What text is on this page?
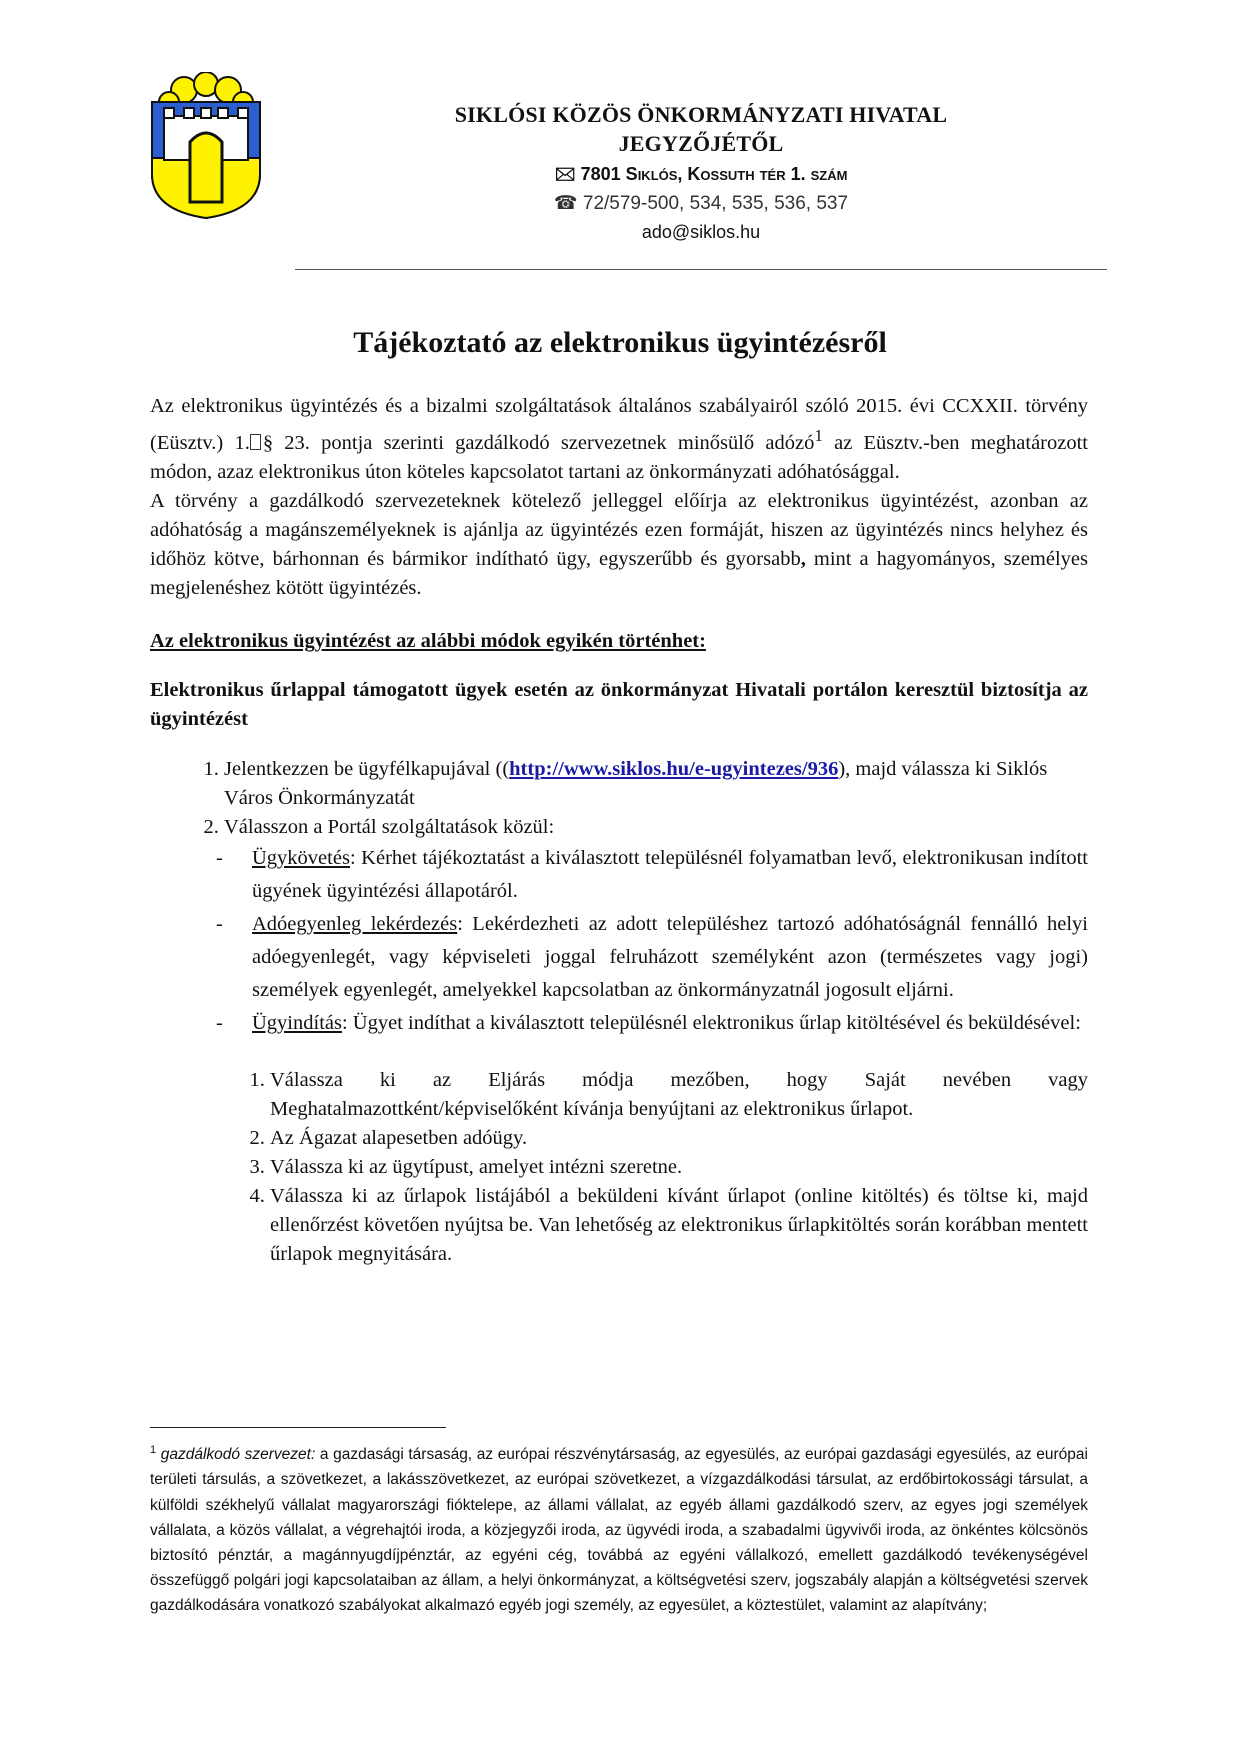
SIKLÓSI KÖZÖS ÖNKORMÁNYZATI HIVATAL
JEGYZŐJÉTŐL
🖂 7801 Siklós, Kossuth tér 1. szám
☎ 72/579-500, 534, 535, 536, 537
ado@siklos.hu
Tájékoztató az elektronikus ügyintézésről

Az elektronikus ügyintézés és a bizalmi szolgáltatások általános szabályairól szóló 2015. évi CCXXII. törvény (Eüsztv.) 1. § 23. pontja szerinti gazdálkodó szervezetnek minősülő adózó$^1$ az Eüsztv.-ben meghatározott módon, azaz elektronikus úton köteles kapcsolatot tartani az önkormányzati adóhatósággal.

A törvény a gazdálkodó szervezeteknek kötelező jelleggel előírja az elektronikus ügyintézést, azonban az adóhatóság a magánszemélyeknek is ajánlja az ügyintézés ezen formáját, hiszen az ügyintézés nincs helyhez és időhöz kötve, bárhonnan és bármikor indítható ügy, egyszerűbb és gyorsabb, mint a hagyományos, személyes megjelenéshez kötött ügyintézés.

Az elektronikus ügyintézést az alábbi módok egyikén történhet:

Elektronikus űrlappal támogatott ügyek esetén az önkormányzat Hivatali portálon keresztül biztosítja az ügyintézést

1. Jelentkezzen be ügyfélkapujával ((http://www.siklos.hu/e-ugyintezes/936), majd válassza ki Siklós Város Önkormányzatát
2. Válasszon a Portál szolgáltatások közül:
- Ügykövetés: Kérhet tájékoztatást a kiválasztott településnél folyamatban levő, elektronikusan indított ügyének ügyintézési állapotáról.
- Adóegyenleg lekérdezés: Lekérdezheti az adott településhez tartozó adóhatóságnál fennálló helyi adóegyenlegét, vagy képviseleti joggal felruházott személyként azon (természetes vagy jogi) személyek egyenlegét, amelyekkel kapcsolatban az önkormányzatnál jogosult eljárni.
- Ügyindítás: Ügyet indíthat a kiválasztott településnél elektronikus űrlap kitöltésével és beküldésével:
1. Válassza ki az Eljárás módja mezőben, hogy Saját nevében vagy Meghatalmazottként/képviselőként kívánja benyújtani az elektronikus űrlapot.
2. Az Ágazat alapesetben adóügy.
3. Válassza ki az ügytípust, amelyet intézni szeretne.
4. Válassza ki az űrlapok listájából a beküldeni kívánt űrlapot (online kitöltés) és töltse ki, majd ellenőrzést követően nyújtsa be. Van lehetőség az elektronikus űrlapkitöltés során korábban mentett űrlapok megnyitására.
$^1$ gazdálkodó szervezet: a gazdasági társaság, az európai részvénytársaság, az egyesülés, az európai gazdasági egyesülés, az európai területi társulás, a szövetkezet, a lakásszövetkezet, az európai szövetkezet, a vízgazdálkodási társulat, az erdőbirtokossági társulat, a külföldi székhelyű vállalat magyarországi fióktelepe, az állami vállalat, az egyéb állami gazdálkodó szerv, az egyes jogi személyek vállalata, a közös vállalat, a végrehajtói iroda, a közjegyzői iroda, az ügyvédi iroda, a szabadalmi ügyvivői iroda, az önkéntes kölcsönös biztosító pénztár, a magánnyugdíjpénztár, az egyéni cég, továbbá az egyéni vállalkozó, emellett gazdálkodó tevékenységével összefüggő polgári jogi kapcsolataiban az állam, a helyi önkormányzat, a költségvetési szerv, jogszabály alapján a költségvetési szervek gazdálkodására vonatkozó szabályokat alkalmazó egyéb jogi személy, az egyesület, a köztestület, valamint az alapítvány;
